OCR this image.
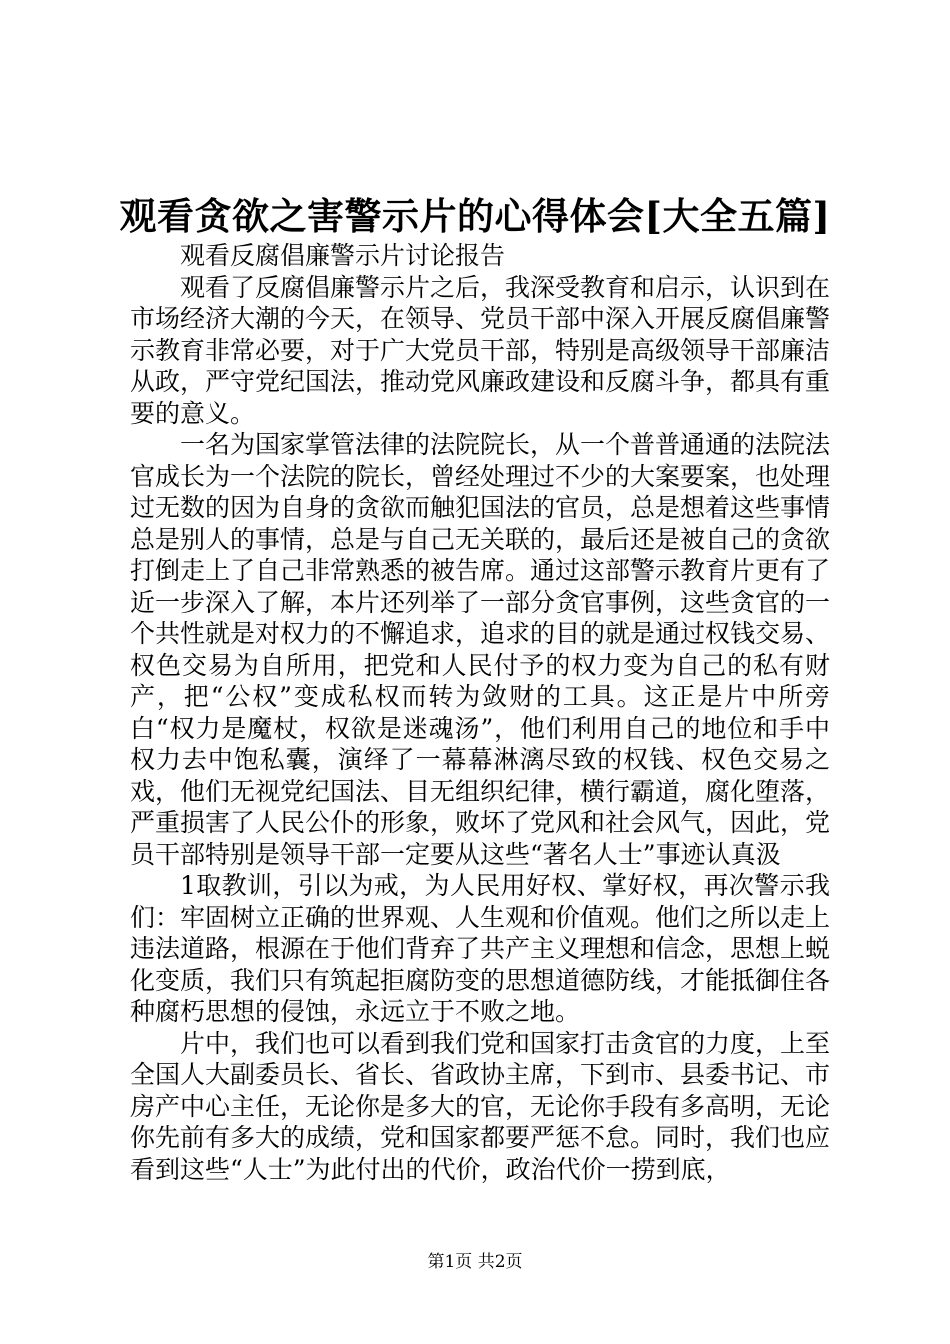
观看贪欲之害警示片的心得体会[大全五篇]

观看反腐倡廉警示片讨论报告

观看了反腐倡廉警示片之后，我深受教育和启示，认识到在市场经济大潮的今天，在领导、党员干部中深入开展反腐倡廉警示教育非常必要，对于广大党员干部，特别是高级领导干部廉洁从政，严守党纪国法，推动党风廉政建设和反腐斗争，都具有重要的意义。

一名为国家掌管法律的法院院长，从一个普普通通的法院法官成长为一个法院的院长，曾经处理过不少的大案要案，也处理过无数的因为自身的贪欲而触犯国法的官员，总是想着这些事情总是别人的事情，总是与自己无关联的，最后还是被自己的贪欲打倒走上了自己非常熟悉的被告席。通过这部警示教育片更有了近一步深入了解，本片还列举了一部分贪官事例，这些贪官的一个共性就是对权力的不懈追求，追求的目的就是通过权钱交易、权色交易为自所用，把党和人民付予的权力变为自己的私有财产，把“公权”变成私权而转为敛财的工具。这正是片中所旁白“权力是魔杖，权欲是迷魂汤”，他们利用自己的地位和手中权力去中饱私囊，演绎了一幕幕淋漓尽致的权钱、权色交易之戏，他们无视党纪国法、目无组织纪律，横行霸道，腐化堕落，严重损害了人民公仆的形象，败坏了党风和社会风气，因此，党员干部特别是领导干部一定要从这些“著名人士”事迹认真汲

1取教训，引以为戒，为人民用好权、掌好权，再次警示我们：牢固树立正确的世界观、人生观和价值观。他们之所以走上违法道路，根源在于他们背弃了共产主义理想和信念，思想上蜕化变质，我们只有筑起拒腐防变的思想道德防线，才能抵御住各种腐朽思想的侵蚀，永远立于不败之地。

片中，我们也可以看到我们党和国家打击贪官的力度，上至全国人大副委员长、省长、省政协主席，下到市、县委书记、市房产中心主任，无论你是多大的官，无论你手段有多高明，无论你先前有多大的成绩，党和国家都要严惩不怠。同时，我们也应看到这些“人士”为此付出的代价，政治代价一捞到底，

第1页 共2页
